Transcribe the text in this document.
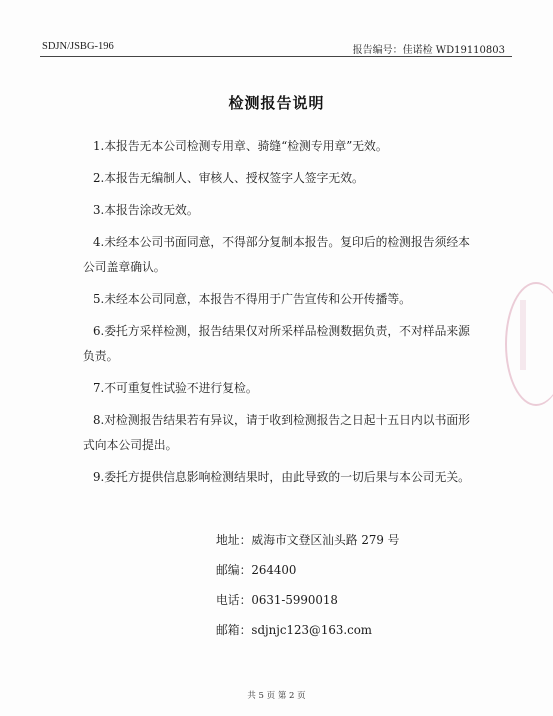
SDJN/JSBG-196	报告编号：佳诺检 WD19110803
检测报告说明
1.本报告无本公司检测专用章、骑缝“检测专用章”无效。
2.本报告无编制人、审核人、授权签字人签字无效。
3.本报告涂改无效。
4.未经本公司书面同意，不得部分复制本报告。复印后的检测报告须经本
公司盖章确认。
5.未经本公司同意，本报告不得用于广告宣传和公开传播等。
6.委托方采样检测，报告结果仅对所采样品检测数据负责，不对样品来源
负责。
7.不可重复性试验不进行复检。
8.对检测报告结果若有异议，请于收到检测报告之日起十五日内以书面形
式向本公司提出。
9.委托方提供信息影响检测结果时，由此导致的一切后果与本公司无关。
地址：威海市文登区汕头路 279 号
邮编：264400
电话：0631-5990018
邮箱：sdjnjc123@163.com
共 5 页 第 2 页
